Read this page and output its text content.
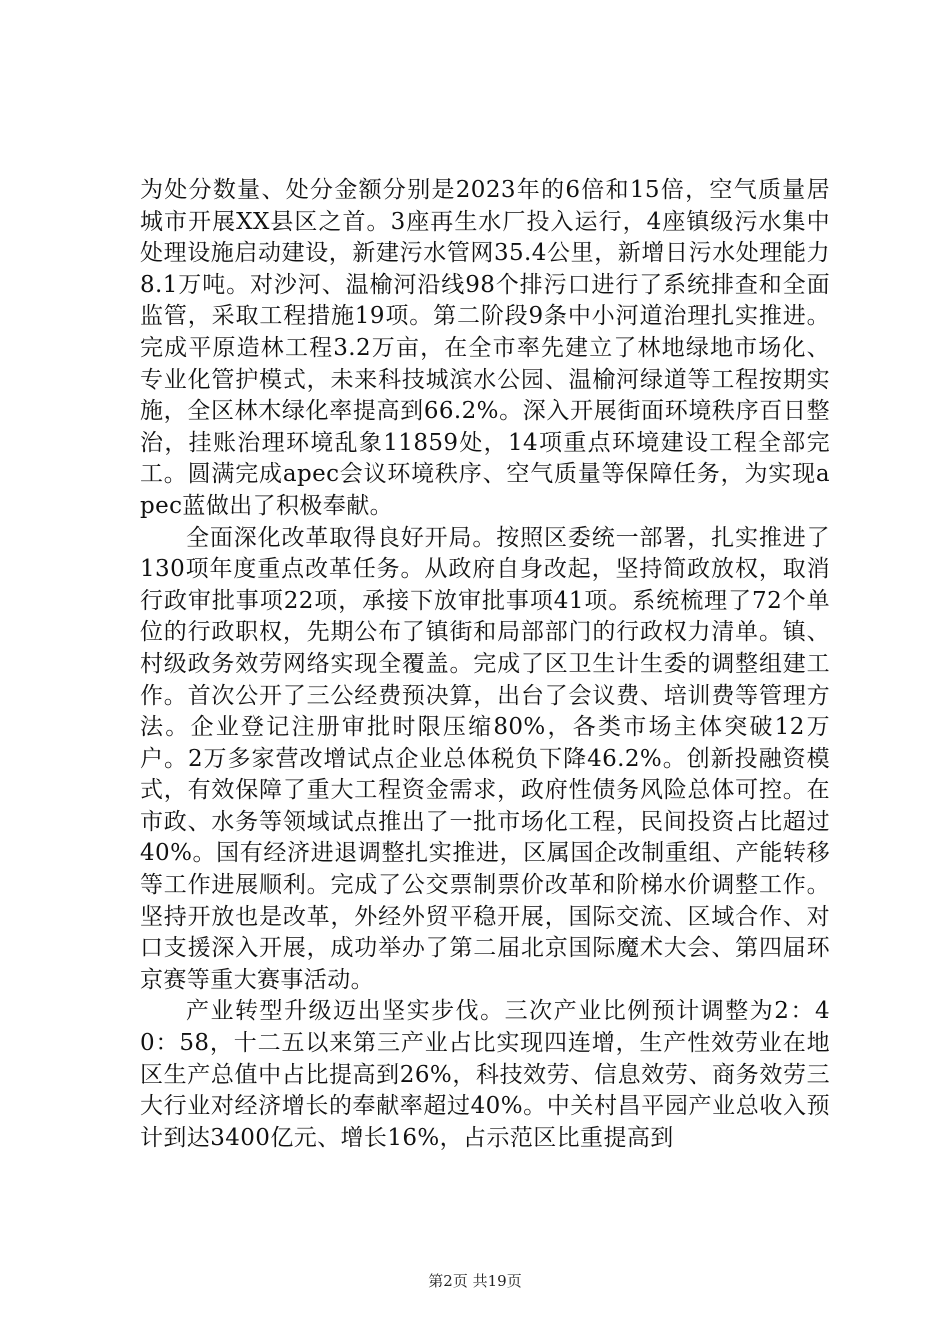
为处分数量、处分金额分别是2023年的6倍和15倍，空气质量居城市开展XX县区之首。3座再生水厂投入运行，4座镇级污水集中处理设施启动建设，新建污水管网35.4公里，新增日污水处理能力8.1万吨。对沙河、温榆河沿线98个排污口进行了系统排查和全面监管，采取工程措施19项。第二阶段9条中小河道治理扎实推进。完成平原造林工程3.2万亩，在全市率先建立了林地绿地市场化、专业化管护模式，未来科技城滨水公园、温榆河绿道等工程按期实施，全区林木绿化率提高到66.2%。深入开展街面环境秩序百日整治，挂账治理环境乱象11859处，14项重点环境建设工程全部完工。圆满完成apec会议环境秩序、空气质量等保障任务，为实现apec蓝做出了积极奉献。

全面深化改革取得良好开局。按照区委统一部署，扎实推进了130项年度重点改革任务。从政府自身改起，坚持简政放权，取消行政审批事项22项，承接下放审批事项41项。系统梳理了72个单位的行政职权，先期公布了镇街和局部部门的行政权力清单。镇、村级政务效劳网络实现全覆盖。完成了区卫生计生委的调整组建工作。首次公开了三公经费预决算，出台了会议费、培训费等管理方法。企业登记注册审批时限压缩80%，各类市场主体突破12万户。2万多家营改增试点企业总体税负下降46.2%。创新投融资模式，有效保障了重大工程资金需求，政府性债务风险总体可控。在市政、水务等领域试点推出了一批市场化工程，民间投资占比超过40%。国有经济进退调整扎实推进，区属国企改制重组、产能转移等工作进展顺利。完成了公交票制票价改革和阶梯水价调整工作。坚持开放也是改革，外经外贸平稳开展，国际交流、区域合作、对口支援深入开展，成功举办了第二届北京国际魔术大会、第四届环京赛等重大赛事活动。

产业转型升级迈出坚实步伐。三次产业比例预计调整为2：40：58，十二五以来第三产业占比实现四连增，生产性效劳业在地区生产总值中占比提高到26%，科技效劳、信息效劳、商务效劳三大行业对经济增长的奉献率超过40%。中关村昌平园产业总收入预计到达3400亿元、增长16%，占示范区比重提高到

第2页 共19页
